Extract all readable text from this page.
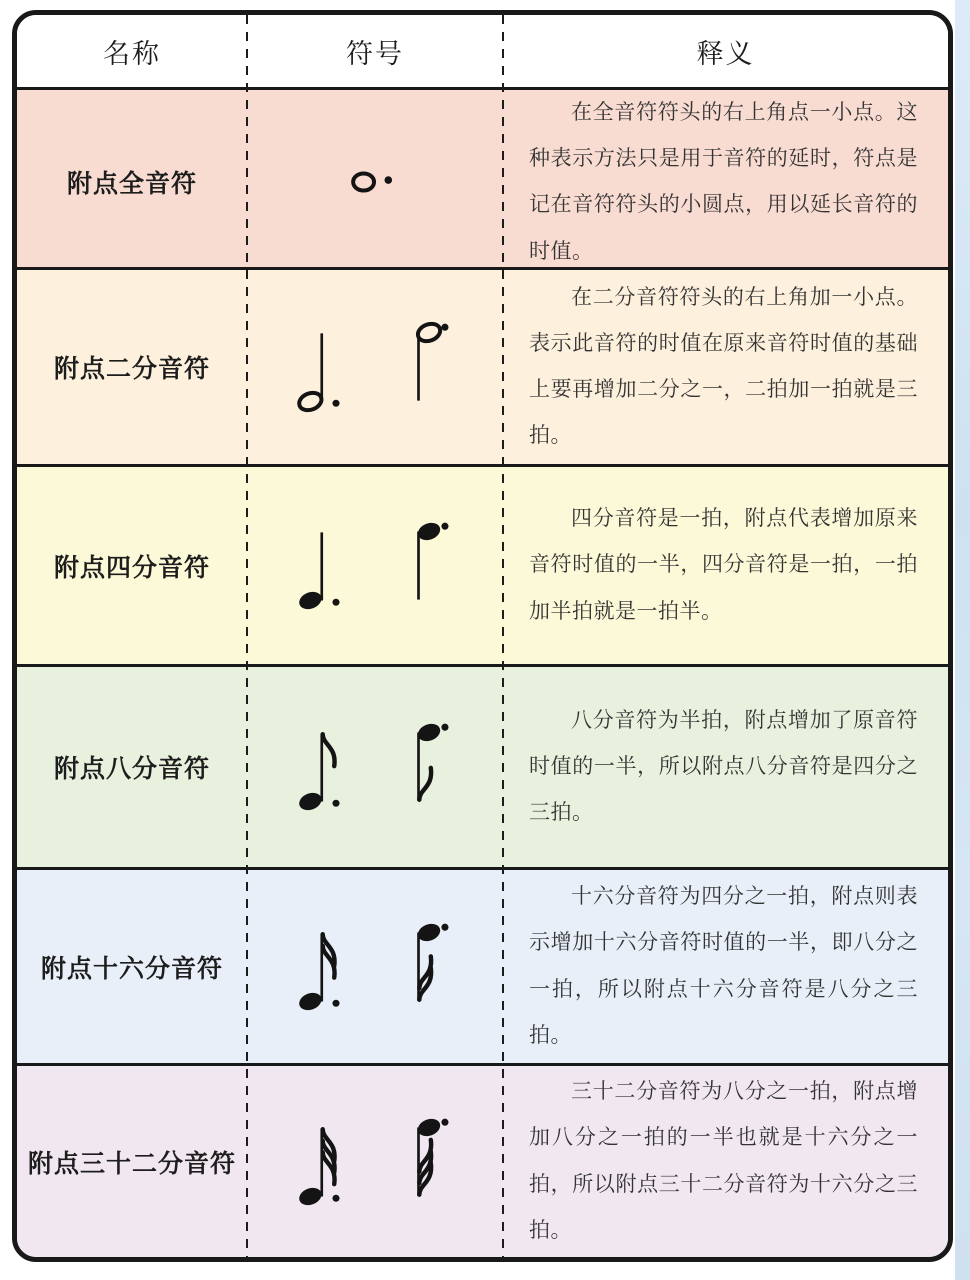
名称	符号	释义
附点全音符

在全音符符头的右上角点一小点。这种表示方法只是用于音符的延时，符点是记在音符符头的小圆点，用以延长音符的时值。

附点二分音符

在二分音符符头的右上角加一小点。表示此音符的时值在原来音符时值的基础上要再增加二分之一，二拍加一拍就是三拍。

附点四分音符

四分音符是一拍，附点代表增加原来音符时值的一半，四分音符是一拍，一拍加半拍就是一拍半。

附点八分音符

八分音符为半拍，附点增加了原音符时值的一半，所以附点八分音符是四分之三拍。

附点十六分音符

十六分音符为四分之一拍，附点则表示增加十六分音符时值的一半，即八分之一拍，所以附点十六分音符是八分之三拍。

附点三十二分音符

三十二分音符为八分之一拍，附点增加八分之一拍的一半也就是十六分之一拍，所以附点三十二分音符为十六分之三拍。
